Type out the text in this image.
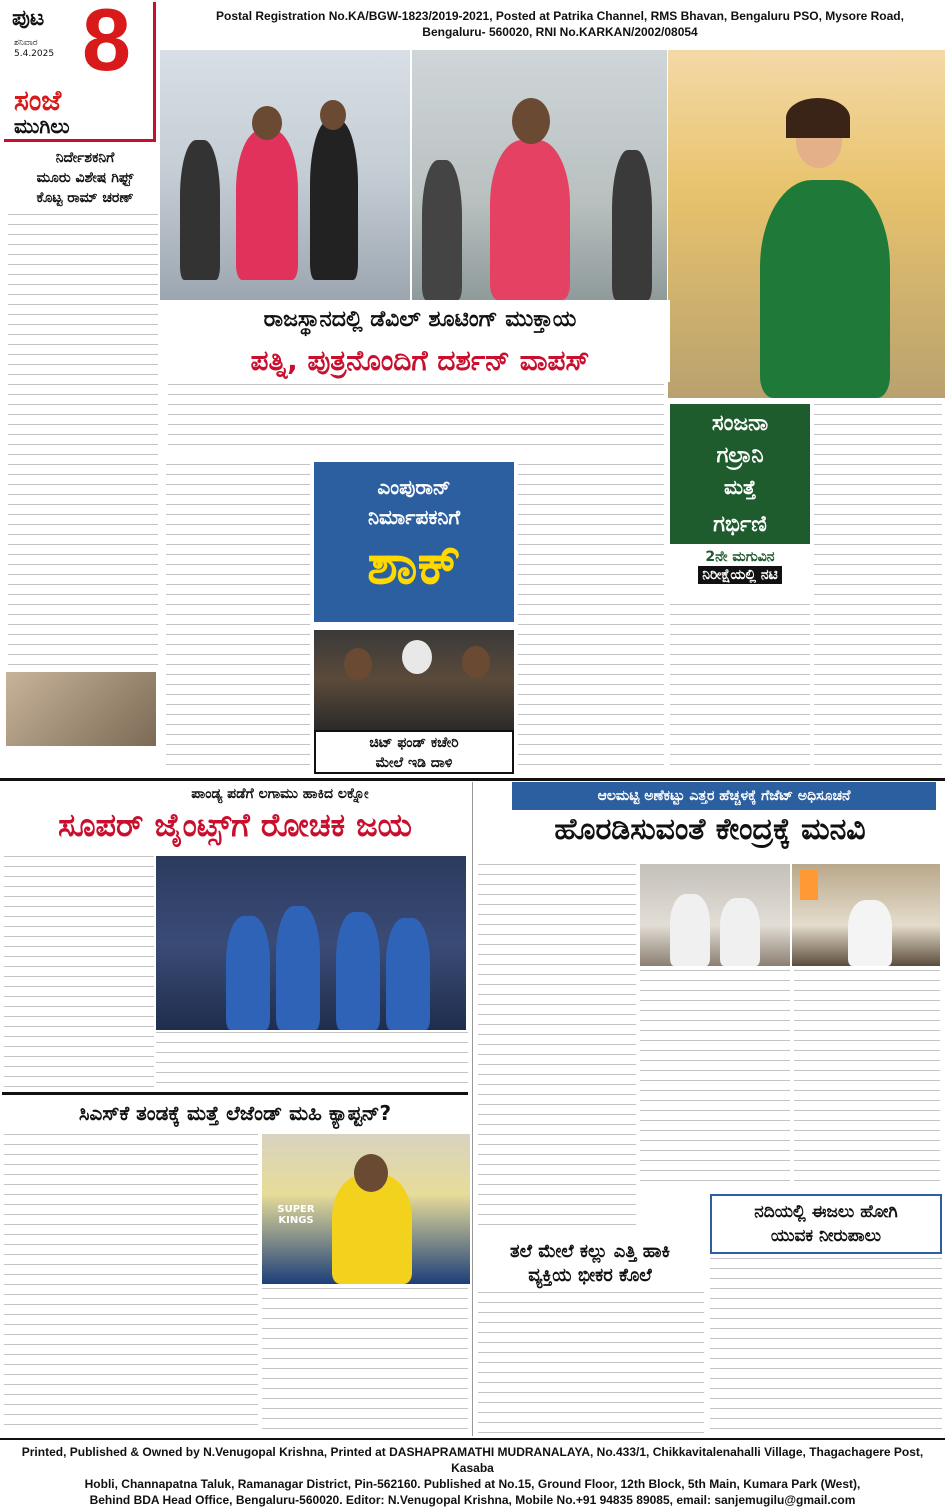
ಪುಟ
ಶನಿವಾರ
5.4.2025 8
ಸಂಜೆ
ಮುಗಿಲು
Postal Registration No.KA/BGW-1823/2019-2021, Posted at Patrika Channel, RMS Bhavan, Bengaluru PSO, Mysore Road,
Bengaluru- 560020, RNI No.KARKAN/2002/08054
ರಾಜಸ್ಥಾನದಲ್ಲಿ ಡೆವಿಲ್ ಶೂಟಿಂಗ್ ಮುಕ್ತಾಯ
ಪತ್ನಿ, ಪುತ್ರನೊಂದಿಗೆ ದರ್ಶನ್ ವಾಪಸ್
ನಿರ್ದೇಶಕನಿಗೆ
ಮೂರು ವಿಶೇಷ ಗಿಫ್ಟ್
ಕೊಟ್ಟ ರಾಮ್ ಚರಣ್
ಎಂಪುರಾನ್
ನಿರ್ಮಾಪಕನಿಗೆ
ಶಾಕ್
ಚಿಟ್ ಫಂಡ್ ಕಚೇರಿ
ಮೇಲೆ ಇಡಿ ದಾಳಿ
ಸಂಜನಾ
ಗಲ್ರಾನಿ
ಮತ್ತೆ
ಗರ್ಭಿಣಿ
2ನೇ ಮಗುವಿನ
ನಿರೀಕ್ಷೆಯಲ್ಲಿ ನಟಿ
ಪಾಂಡ್ಯ ಪಡೆಗೆ ಲಗಾಮು ಹಾಕಿದ ಲಕ್ನೋ
ಸೂಪರ್ ಜೈಂಟ್ಸ್‌ಗೆ ರೋಚಕ ಜಯ
ಸಿಎಸ್‌ಕೆ ತಂಡಕ್ಕೆ ಮತ್ತೆ ಲೆಜೆಂಡ್ ಮಹಿ ಕ್ಯಾಪ್ಟನ್?
SUPER KINGS
ಆಲಮಟ್ಟಿ ಅಣೆಕಟ್ಟು ಎತ್ತರ ಹೆಚ್ಚಳಕ್ಕೆ ಗೆಜೆಟ್ ಅಧಿಸೂಚನೆ
ಹೊರಡಿಸುವಂತೆ ಕೇಂದ್ರಕ್ಕೆ ಮನವಿ
ತಲೆ ಮೇಲೆ ಕಲ್ಲು ಎತ್ತಿ ಹಾಕಿ
ವ್ಯಕ್ತಿಯ ಭೀಕರ ಕೊಲೆ
ನದಿಯಲ್ಲಿ ಈಜಲು ಹೋಗಿ
ಯುವಕ ನೀರುಪಾಲು
Printed, Published & Owned by N.Venugopal Krishna, Printed at DASHAPRAMATHI MUDRANALAYA, No.433/1, Chikkavitalenahalli Village, Thagachagere Post, Kasaba
Hobli, Channapatna Taluk, Ramanagar District, Pin-562160. Published at No.15, Ground Floor, 12th Block, 5th Main, Kumara Park (West),
Behind BDA Head Office, Bengaluru-560020. Editor: N.Venugopal Krishna, Mobile No.+91 94835 89085, email: sanjemugilu@gmail.com
